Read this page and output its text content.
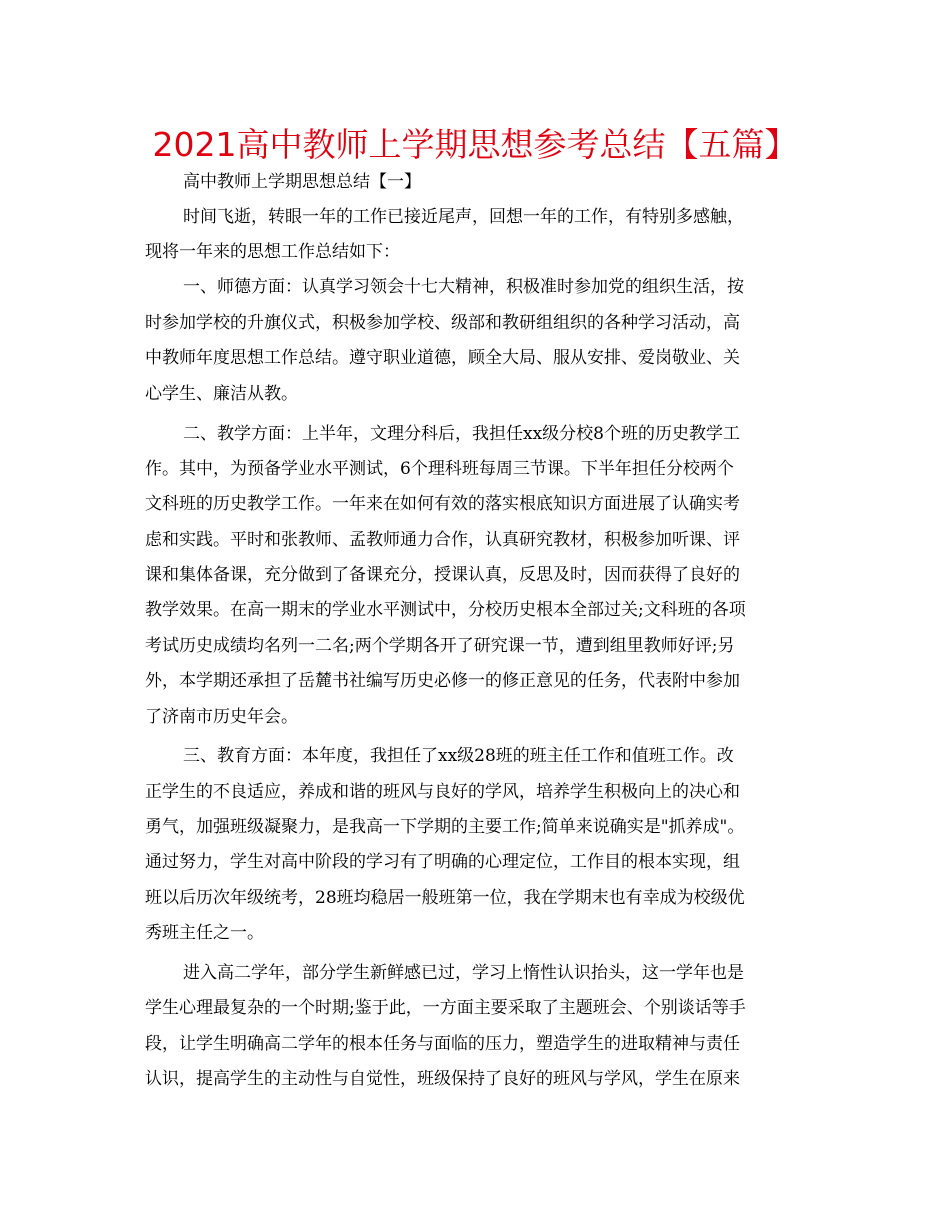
2021高中教师上学期思想参考总结【五篇】
高中教师上学期思想总结【一】
时间飞逝，转眼一年的工作已接近尾声，回想一年的工作，有特别多感触，
现将一年来的思想工作总结如下：
一、师德方面：认真学习领会十七大精神，积极准时参加党的组织生活，按
时参加学校的升旗仪式，积极参加学校、级部和教研组组织的各种学习活动，高
中教师年度思想工作总结。遵守职业道德，顾全大局、服从安排、爱岗敬业、关
心学生、廉洁从教。
二、教学方面：上半年，文理分科后，我担任xx级分校8个班的历史教学工
作。其中，为预备学业水平测试，6个理科班每周三节课。下半年担任分校两个
文科班的历史教学工作。一年来在如何有效的落实根底知识方面进展了认确实考
虑和实践。平时和张教师、孟教师通力合作，认真研究教材，积极参加听课、评
课和集体备课，充分做到了备课充分，授课认真，反思及时，因而获得了良好的
教学效果。在高一期末的学业水平测试中，分校历史根本全部过关;文科班的各项
考试历史成绩均名列一二名;两个学期各开了研究课一节，遭到组里教师好评;另
外，本学期还承担了岳麓书社编写历史必修一的修正意见的任务，代表附中参加
了济南市历史年会。
三、教育方面：本年度，我担任了xx级28班的班主任工作和值班工作。改
正学生的不良适应，养成和谐的班风与良好的学风，培养学生积极向上的决心和
勇气，加强班级凝聚力，是我高一下学期的主要工作;简单来说确实是"抓养成"。
通过努力，学生对高中阶段的学习有了明确的心理定位，工作目的根本实现，组
班以后历次年级统考，28班均稳居一般班第一位，我在学期末也有幸成为校级优
秀班主任之一。
进入高二学年，部分学生新鲜感已过，学习上惰性认识抬头，这一学年也是
学生心理最复杂的一个时期;鉴于此，一方面主要采取了主题班会、个别谈话等手
段，让学生明确高二学年的根本任务与面临的压力，塑造学生的进取精神与责任
认识，提高学生的主动性与自觉性，班级保持了良好的班风与学风，学生在原来
